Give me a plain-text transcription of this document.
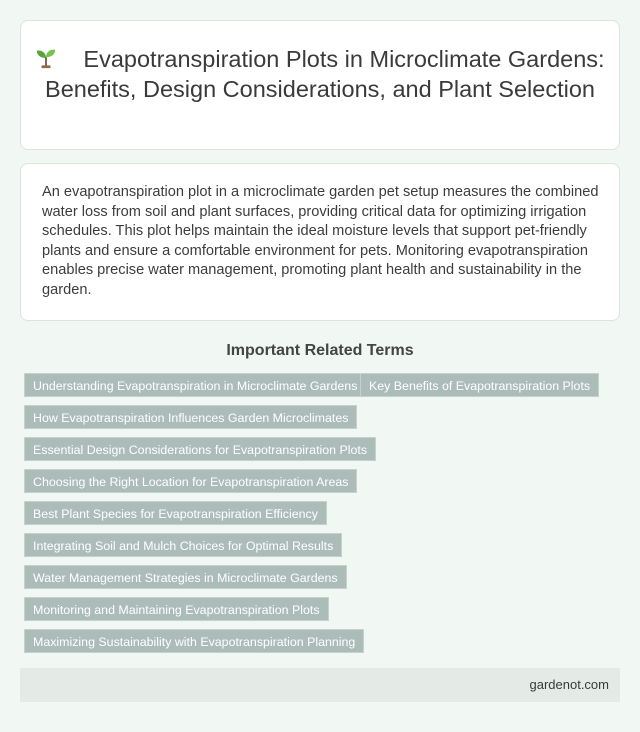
Evapotranspiration Plots in Microclimate Gardens: Benefits, Design Considerations, and Plant Selection

An evapotranspiration plot in a microclimate garden pet setup measures the combined water loss from soil and plant surfaces, providing critical data for optimizing irrigation schedules. This plot helps maintain the ideal moisture levels that support pet-friendly plants and ensure a comfortable environment for pets. Monitoring evapotranspiration enables precise water management, promoting plant health and sustainability in the garden.

Important Related Terms
Understanding Evapotranspiration in Microclimate Gardens Key Benefits of Evapotranspiration Plots
How Evapotranspiration Influences Garden Microclimates
Essential Design Considerations for Evapotranspiration Plots
Choosing the Right Location for Evapotranspiration Areas
Best Plant Species for Evapotranspiration Efficiency
Integrating Soil and Mulch Choices for Optimal Results
Water Management Strategies in Microclimate Gardens
Monitoring and Maintaining Evapotranspiration Plots
Maximizing Sustainability with Evapotranspiration Planning
gardenot.com
